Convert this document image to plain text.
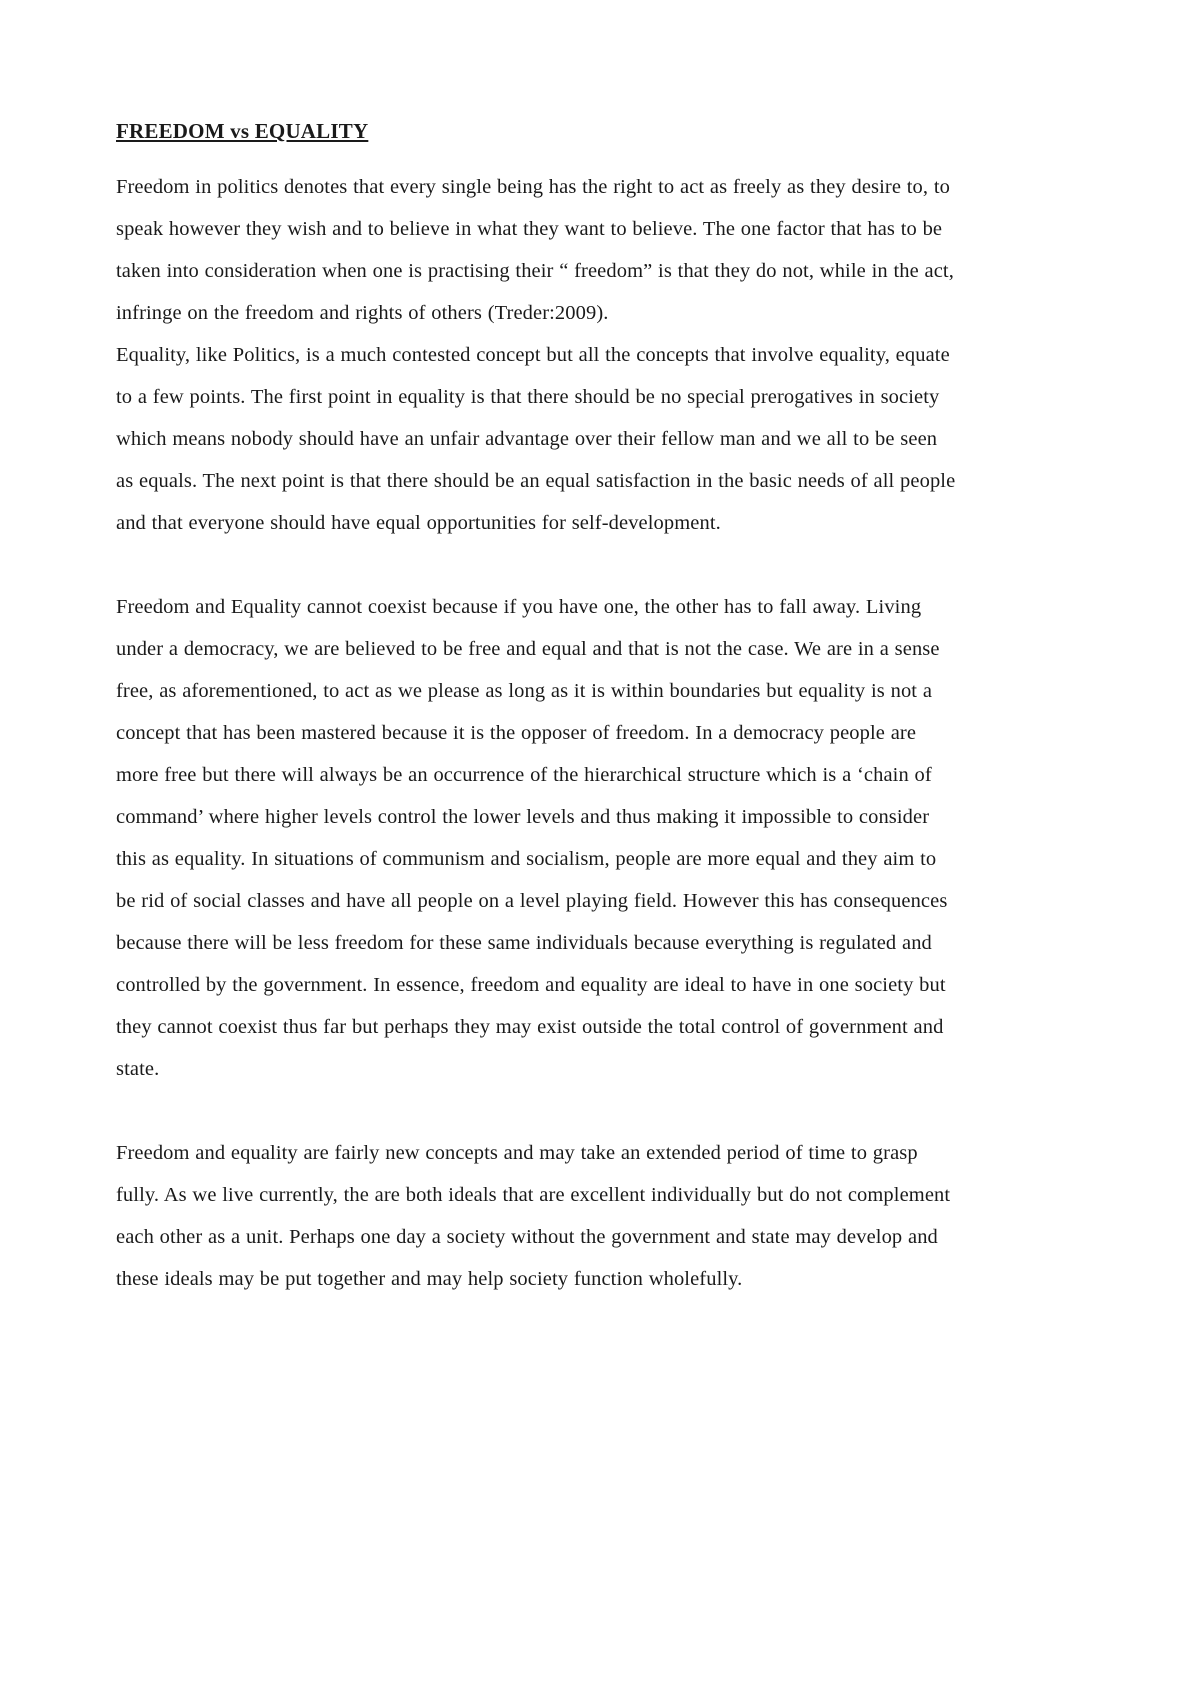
FREEDOM vs EQUALITY

Freedom in politics denotes that every single being has the right to act as freely as they desire to, to
speak however they wish and to believe in what they want to believe. The one factor that has to be
taken into consideration when one is practising their “ freedom” is that they do not, while in the act,
infringe on the freedom and rights of others (Treder:2009).

Equality, like Politics, is a much contested concept but all the concepts that involve equality, equate
to a few points. The first point in equality is that there should be no special prerogatives in society
which means nobody should have an unfair advantage over their fellow man and we all to be seen
as equals. The next point is that there should be an equal satisfaction in the basic needs of all people
and that everyone should have equal opportunities for self-development.

Freedom and Equality cannot coexist because if you have one, the other has to fall away. Living
under a democracy, we are believed to be free and equal and that is not the case. We are in a sense
free, as aforementioned, to act as we please as long as it is within boundaries but equality is not a
concept that has been mastered because it is the opposer of freedom. In a democracy people are
more free but there will always be an occurrence of the hierarchical structure which is a ‘chain of
command’ where higher levels control the lower levels and thus making it impossible to consider
this as equality. In situations of communism and socialism, people are more equal and they aim to
be rid of social classes and have all people on a level playing field. However this has consequences
because there will be less freedom for these same individuals because everything is regulated and
controlled by the government. In essence, freedom and equality are ideal to have in one society but
they cannot coexist thus far but perhaps they may exist outside the total control of government and
state.

Freedom and equality are fairly new concepts and may take an extended period of time to grasp
fully. As we live currently, the are both ideals that are excellent individually but do not complement
each other as a unit. Perhaps one day a society without the government and state may develop and
these ideals may be put together and may help society function wholefully.
